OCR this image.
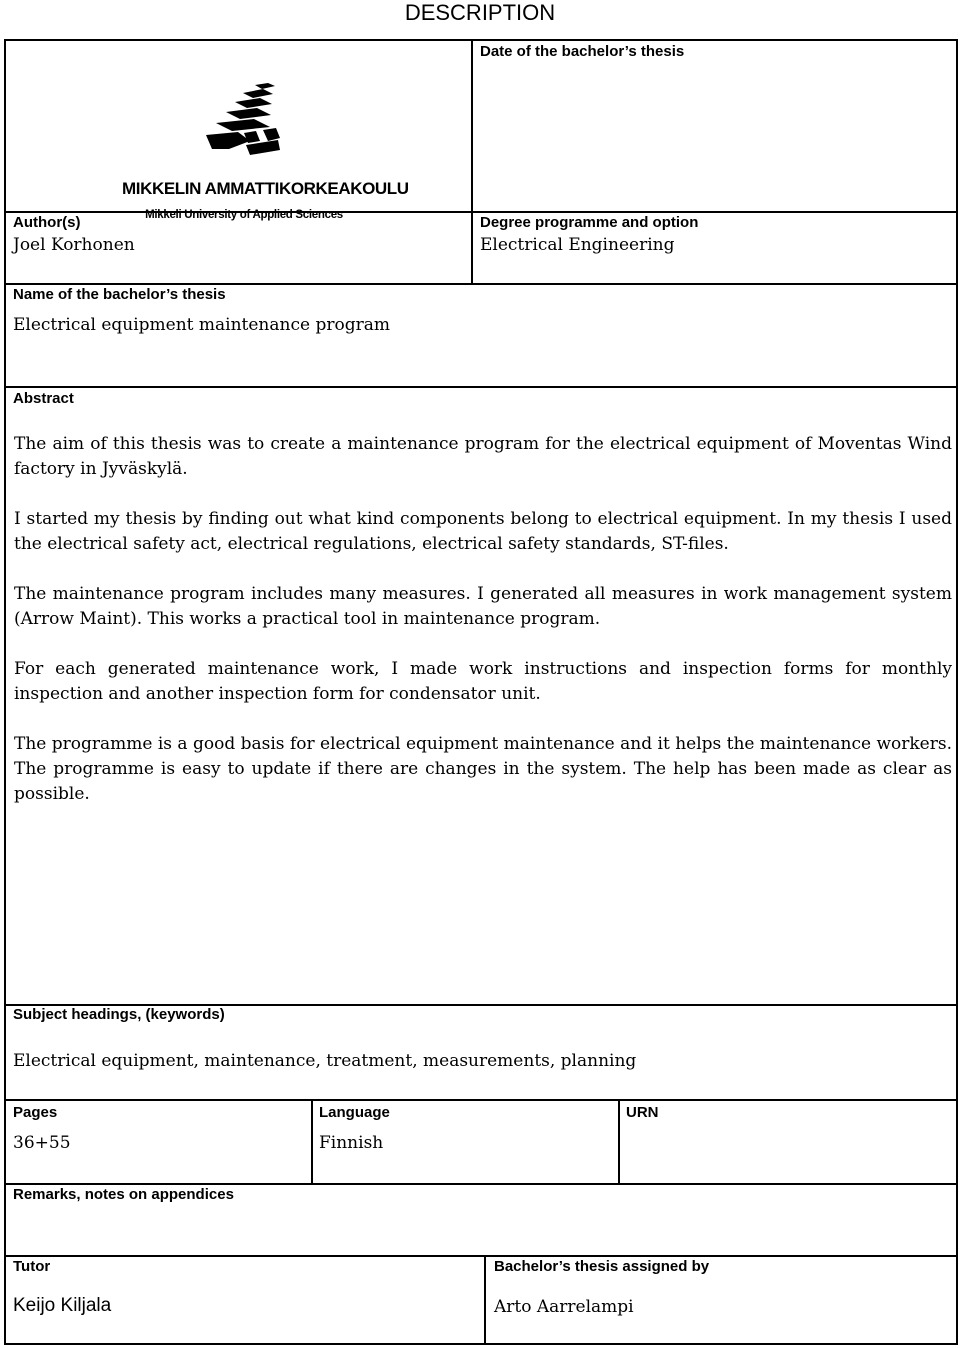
DESCRIPTION
MIKKELIN AMMATTIKORKEAKOULU
Mikkeli University of Applied Sciences
Date of the bachelor’s thesis
Author(s)
Joel Korhonen
Degree programme and option
Electrical Engineering
Name of the bachelor’s thesis
Electrical equipment maintenance program
Abstract
Subject headings, (keywords)
Electrical equipment, maintenance, treatment, measurements, planning
Pages
36+55
Language
Finnish
URN
Remarks, notes on appendices
Tutor
Keijo Kiljala
Bachelor’s thesis assigned by
Arto Aarrelampi

The aim of this thesis was to create a maintenance program for the electrical equipment of Moventas Wind factory in Jyväskylä.

I started my thesis by finding out what kind components belong to electrical equipment. In my thesis I used the electrical safety act, electrical regulations, electrical safety standards, ST-files.

The maintenance program includes many measures. I generated all measures in work management system (Arrow Maint). This works a practical tool in maintenance program.

For each generated maintenance work, I made work instructions and inspection forms for monthly inspection and another inspection form for condensator unit.

The programme is a good basis for electrical equipment maintenance and it helps the maintenance workers. The programme is easy to update if there are changes in the system. The help has been made as clear as possible.
